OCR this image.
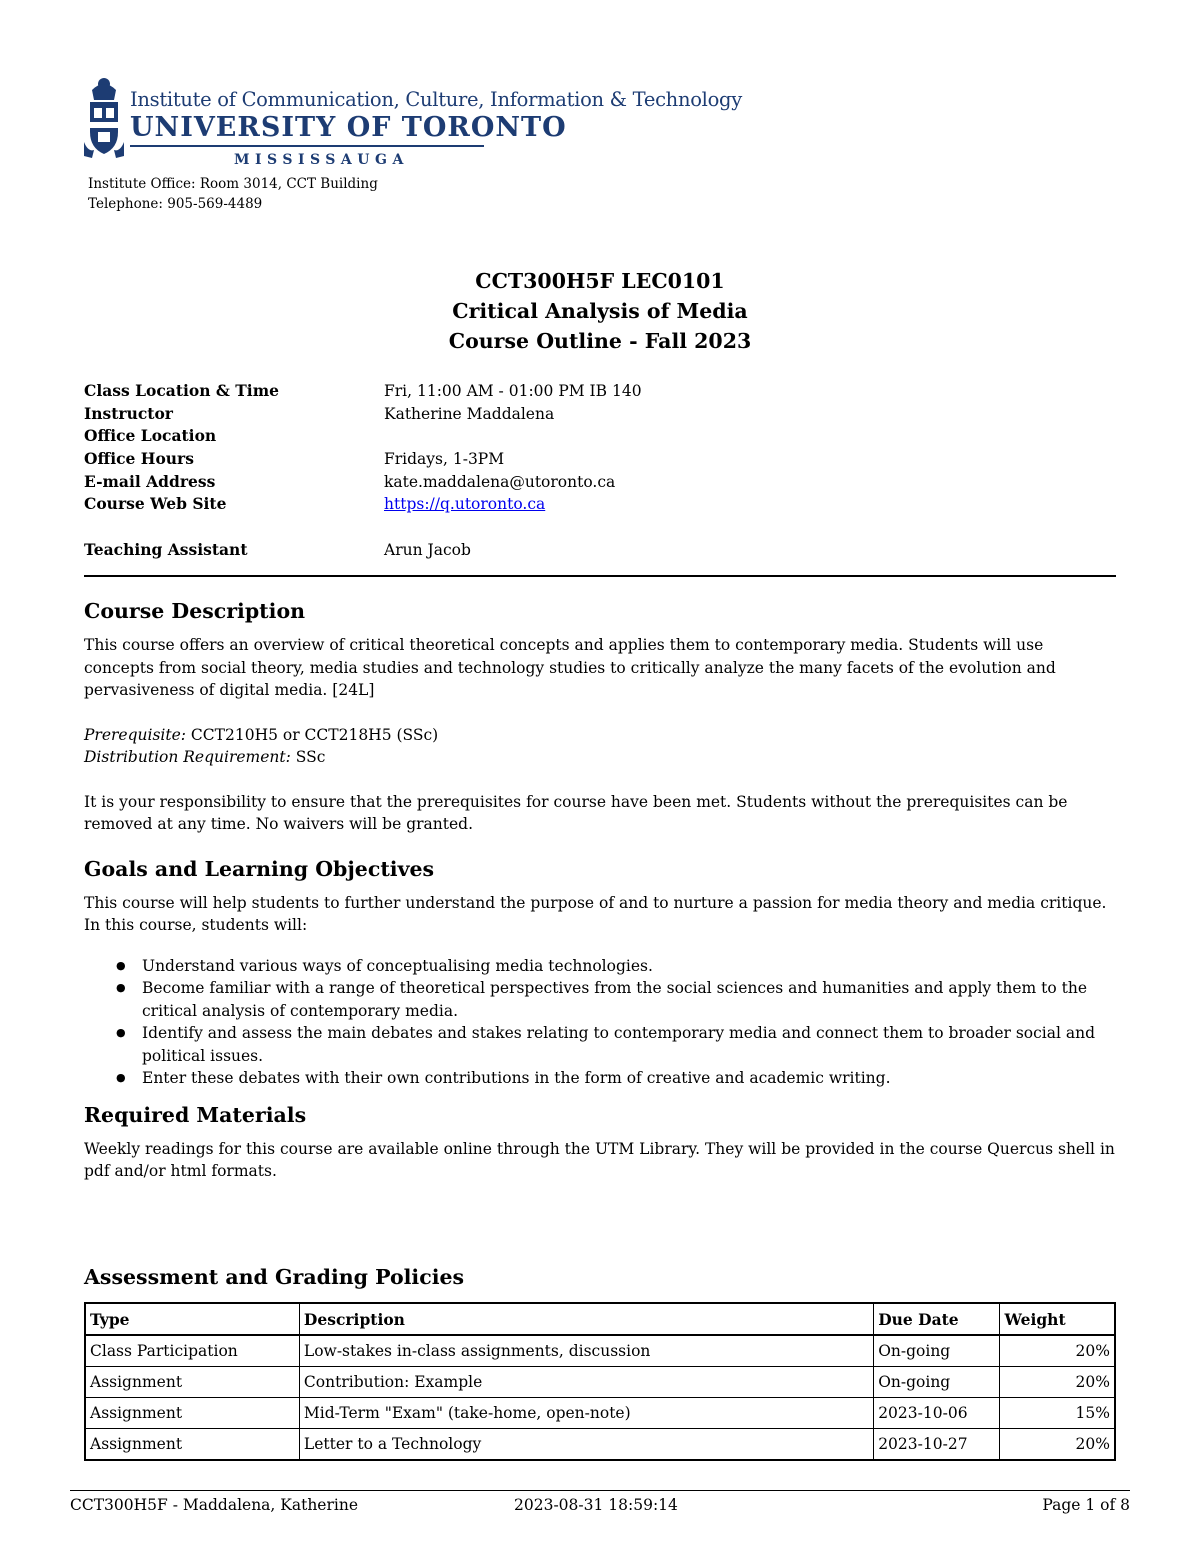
Institute of Communication, Culture, Information & Technology
UNIVERSITY OF TORONTO
MISSISSAUGA
Institute Office: Room 3014, CCT Building
Telephone: 905-569-4489
CCT300H5F LEC0101
Critical Analysis of Media
Course Outline - Fall 2023
Class Location & Time	Fri, 11:00 AM - 01:00 PM IB 140
Instructor	Katherine Maddalena
Office Location
Office Hours	Fridays, 1-3PM
E-mail Address	kate.maddalena@utoronto.ca
Course Web Site	https://q.utoronto.ca
Teaching Assistant	Arun Jacob
Course Description

This course offers an overview of critical theoretical concepts and applies them to contemporary media. Students will use concepts from social theory, media studies and technology studies to critically analyze the many facets of the evolution and pervasiveness of digital media. [24L]

Prerequisite: CCT210H5 or CCT218H5 (SSc)
Distribution Requirement: SSc

It is your responsibility to ensure that the prerequisites for course have been met. Students without the prerequisites can be removed at any time. No waivers will be granted.

Goals and Learning Objectives

This course will help students to further understand the purpose of and to nurture a passion for media theory and media critique. In this course, students will:

● Understand various ways of conceptualising media technologies.
● Become familiar with a range of theoretical perspectives from the social sciences and humanities and apply them to the critical analysis of contemporary media.
● Identify and assess the main debates and stakes relating to contemporary media and connect them to broader social and political issues.
● Enter these debates with their own contributions in the form of creative and academic writing.
Required Materials

Weekly readings for this course are available online through the UTM Library. They will be provided in the course Quercus shell in pdf and/or html formats.

Assessment and Grading Policies
Type	Description	Due Date	Weight
Class Participation	Low-stakes in-class assignments, discussion	On-going	20%
Assignment	Contribution: Example	On-going	20%
Assignment	Mid-Term "Exam" (take-home, open-note)	2023-10-06	15%
Assignment	Letter to a Technology	2023-10-27	20%
CCT300H5F - Maddalena, Katherine	2023-08-31 18:59:14	Page 1 of 8
